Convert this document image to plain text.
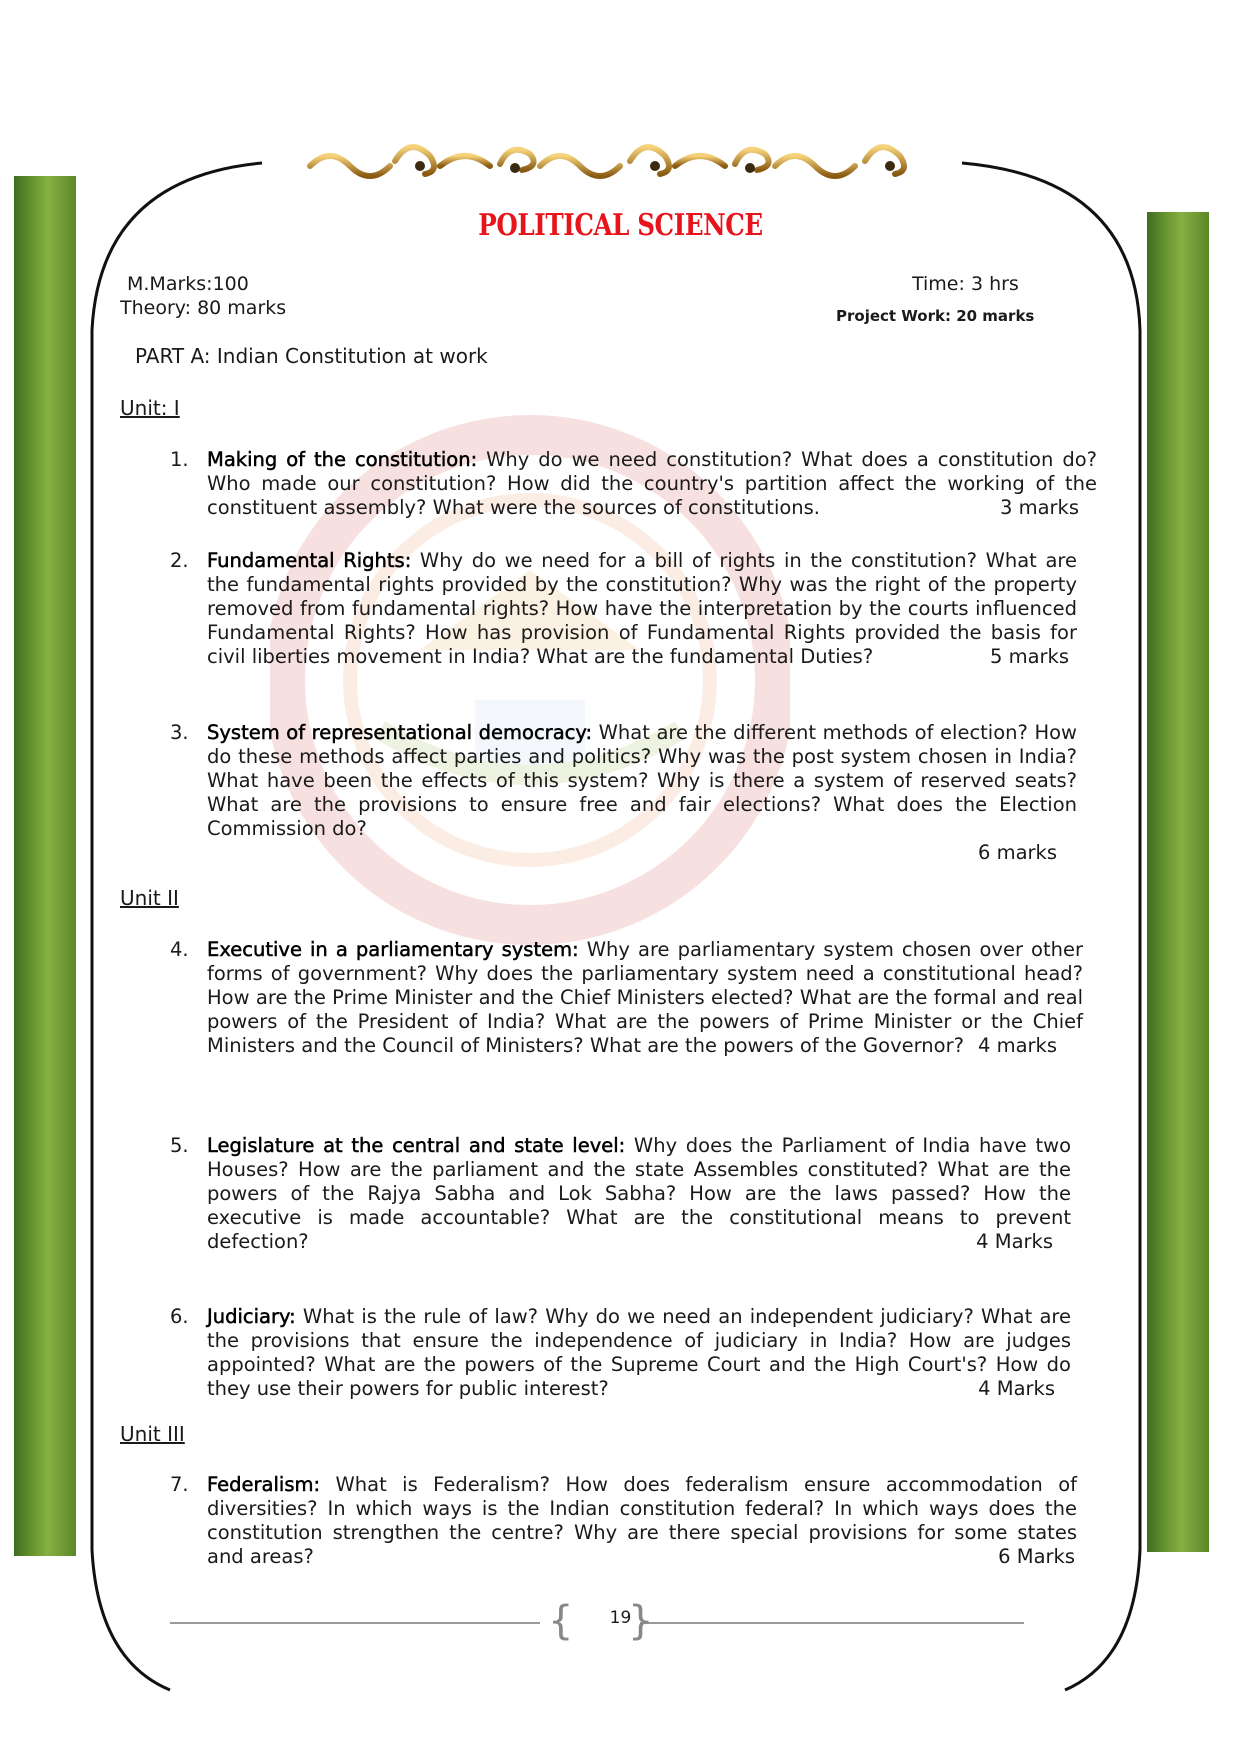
POLITICAL SCIENCE
M.Marks:100	Time: 3 hrs
Theory: 80 marks	Project Work: 20 marks
PART A: Indian Constitution at work
Unit: I
Unit II
Unit III
1. Making of the constitution: Why do we need constitution? What does a constitution do? Who made our constitution? How did the country's partition affect the working of the constituent assembly? What were the sources of constitutions.	3 marks
2. Fundamental Rights: Why do we need for a bill of rights in the constitution? What are the fundamental rights provided by the constitution? Why was the right of the property removed from fundamental rights? How have the interpretation by the courts influenced Fundamental Rights? How has provision of Fundamental Rights provided the basis for civil liberties movement in India? What are the fundamental Duties?	5 marks
3. System of representational democracy: What are the different methods of election? How do these methods affect parties and politics? Why was the post system chosen in India? What have been the effects of this system? Why is there a system of reserved seats? What are the provisions to ensure free and fair elections? What does the Election Commission do?
6 marks
4. Executive in a parliamentary system: Why are parliamentary system chosen over other forms of government? Why does the parliamentary system need a constitutional head? How are the Prime Minister and the Chief Ministers elected? What are the formal and real powers of the President of India? What are the powers of Prime Minister or the Chief Ministers and the Council of Ministers? What are the powers of the Governor? 4 marks
5. Legislature at the central and state level: Why does the Parliament of India have two Houses? How are the parliament and the state Assembles constituted? What are the powers of the Rajya Sabha and Lok Sabha? How are the laws passed? How the executive is made accountable? What are the constitutional means to prevent defection?	4 Marks
6. Judiciary: What is the rule of law? Why do we need an independent judiciary? What are the provisions that ensure the independence of judiciary in India? How are judges appointed? What are the powers of the Supreme Court and the High Court's? How do they use their powers for public interest?	4 Marks
7. Federalism: What is Federalism? How does federalism ensure accommodation of diversities? In which ways is the Indian constitution federal? In which ways does the constitution strengthen the centre? Why are there special provisions for some states and areas?	6 Marks
{ }
19
